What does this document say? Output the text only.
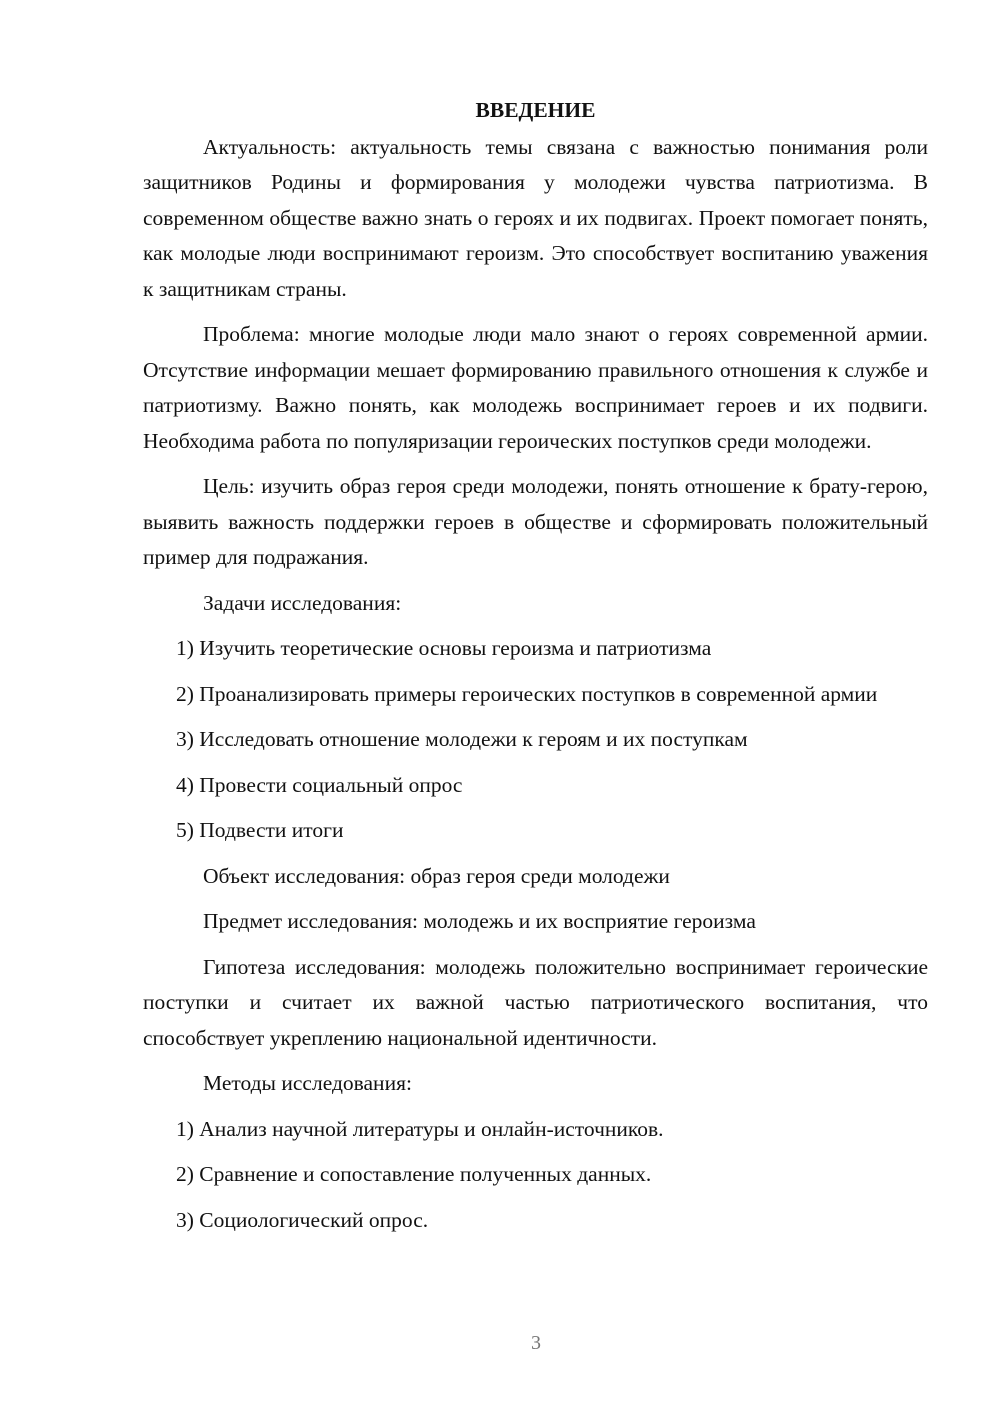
ВВЕДЕНИЕ

Актуальность: актуальность темы связана с важностью понимания роли защитников Родины и формирования у молодежи чувства патриотизма. В современном обществе важно знать о героях и их подвигах. Проект помогает понять, как молодые люди воспринимают героизм. Это способствует воспитанию уважения к защитникам страны.

Проблема: многие молодые люди мало знают о героях современной армии. Отсутствие информации мешает формированию правильного отношения к службе и патриотизму. Важно понять, как молодежь воспринимает героев и их подвиги. Необходима работа по популяризации героических поступков среди молодежи.

Цель: изучить образ героя среди молодежи, понять отношение к брату-герою, выявить важность поддержки героев в обществе и сформировать положительный пример для подражания.

Задачи исследования:

1) Изучить теоретические основы героизма и патриотизма

2) Проанализировать примеры героических поступков в современной армии

3) Исследовать отношение молодежи к героям и их поступкам

4) Провести социальный опрос

5) Подвести итоги

Объект исследования: образ героя среди молодежи

Предмет исследования: молодежь и их восприятие героизма

Гипотеза исследования: молодежь положительно воспринимает героические поступки и считает их важной частью патриотического воспитания, что способствует укреплению национальной идентичности.

Методы исследования:

1) Анализ научной литературы и онлайн-источников.

2) Сравнение и сопоставление полученных данных.

3) Социологический опрос.

3
